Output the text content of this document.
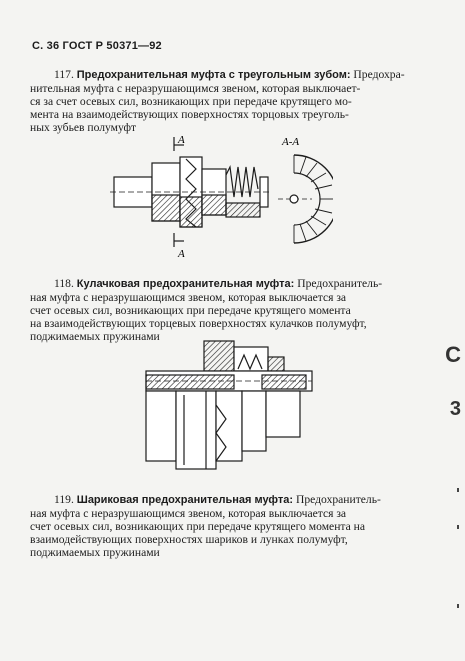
С. 36 ГОСТ Р 50371—92
117. Предохранительная муфта с треугольным зубом: Предохра-
нительная муфта с неразрушающимся звеном, которая выключает-
ся за счет осевых сил, возникающих при передаче крутящего мо-
мента на взаимодействующих поверхностях торцовых треуголь-
ных зубьев полумуфт
A
A
A-A
118. Кулачковая предохранительная муфта: Предохранитель-
ная муфта с неразрушающимся звеном, которая выключается за
счет осевых сил, возникающих при передаче крутящего момента
на взаимодействующих торцевых поверхностях кулачков полумуфт,
поджимаемых пружинами
119. Шариковая предохранительная муфта: Предохранитель-
ная муфта с неразрушающимся звеном, которая выключается за
счет осевых сил, возникающих при передаче крутящего момента на
взаимодействующих поверхностях шариков и лунках полумуфт,
поджимаемых пружинами
С
3
